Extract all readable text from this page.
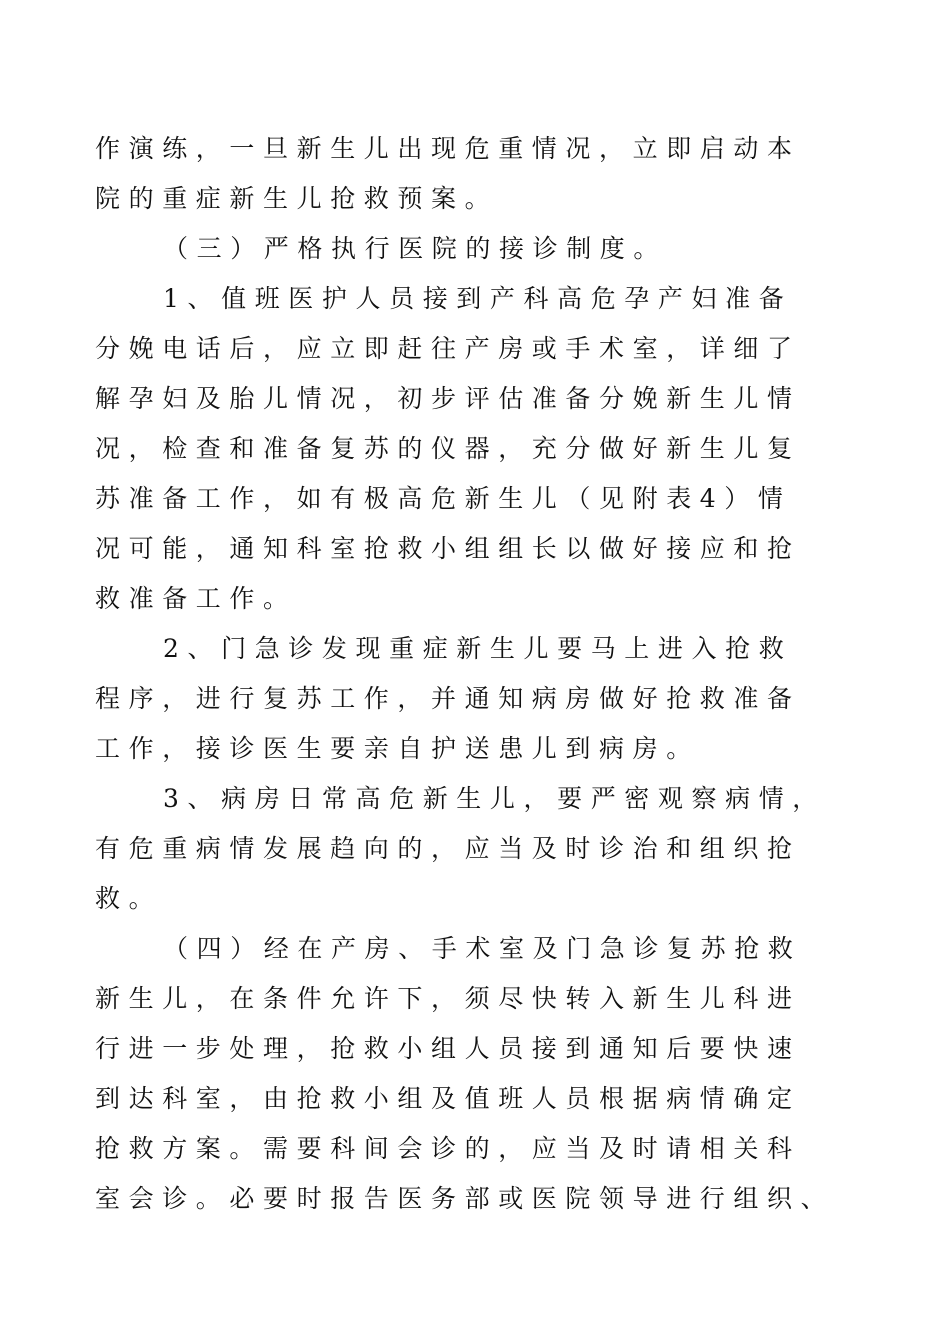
作演练，一旦新生儿出现危重情况，立即启动本
院的重症新生儿抢救预案。
（三）严格执行医院的接诊制度。
1、值班医护人员接到产科高危孕产妇准备
分娩电话后，应立即赶往产房或手术室，详细了
解孕妇及胎儿情况，初步评估准备分娩新生儿情
况，检查和准备复苏的仪器，充分做好新生儿复
苏准备工作，如有极高危新生儿（见附表4）情
况可能，通知科室抢救小组组长以做好接应和抢
救准备工作。
2、门急诊发现重症新生儿要马上进入抢救
程序，进行复苏工作，并通知病房做好抢救准备
工作，接诊医生要亲自护送患儿到病房。
3、病房日常高危新生儿，要严密观察病情，
有危重病情发展趋向的，应当及时诊治和组织抢
救。
（四）经在产房、手术室及门急诊复苏抢救
新生儿，在条件允许下，须尽快转入新生儿科进
行进一步处理，抢救小组人员接到通知后要快速
到达科室，由抢救小组及值班人员根据病情确定
抢救方案。需要科间会诊的，应当及时请相关科
室会诊。必要时报告医务部或医院领导进行组织、
